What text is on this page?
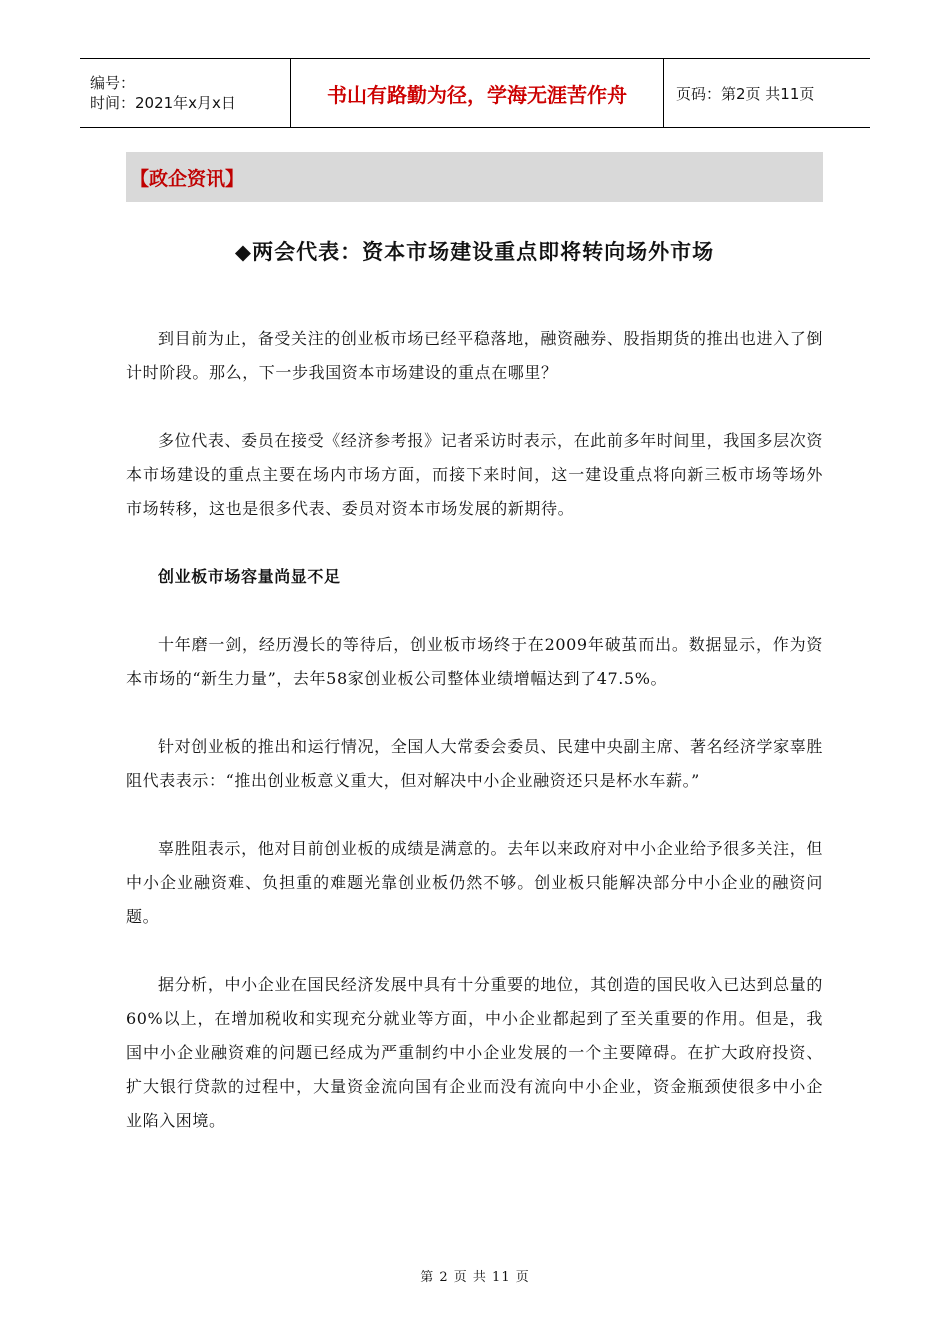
编号：
时间：2021年x月x日	书山有路勤为径，学海无涯苦作舟	页码：第2页 共11页
【政企资讯】
◆两会代表：资本市场建设重点即将转向场外市场

到目前为止，备受关注的创业板市场已经平稳落地，融资融券、股指期货的推出也进入了倒计时阶段。那么，下一步我国资本市场建设的重点在哪里？

多位代表、委员在接受《经济参考报》记者采访时表示，在此前多年时间里，我国多层次资本市场建设的重点主要在场内市场方面，而接下来时间，这一建设重点将向新三板市场等场外市场转移，这也是很多代表、委员对资本市场发展的新期待。

创业板市场容量尚显不足

十年磨一剑，经历漫长的等待后，创业板市场终于在2009年破茧而出。数据显示，作为资本市场的“新生力量”，去年58家创业板公司整体业绩增幅达到了47.5%。

针对创业板的推出和运行情况，全国人大常委会委员、民建中央副主席、著名经济学家辜胜阻代表表示：“推出创业板意义重大，但对解决中小企业融资还只是杯水车薪。”

辜胜阻表示，他对目前创业板的成绩是满意的。去年以来政府对中小企业给予很多关注，但中小企业融资难、负担重的难题光靠创业板仍然不够。创业板只能解决部分中小企业的融资问题。

据分析，中小企业在国民经济发展中具有十分重要的地位，其创造的国民收入已达到总量的60%以上，在增加税收和实现充分就业等方面，中小企业都起到了至关重要的作用。但是，我国中小企业融资难的问题已经成为严重制约中小企业发展的一个主要障碍。在扩大政府投资、扩大银行贷款的过程中，大量资金流向国有企业而没有流向中小企业，资金瓶颈使很多中小企业陷入困境。

第 2 页 共 11 页
